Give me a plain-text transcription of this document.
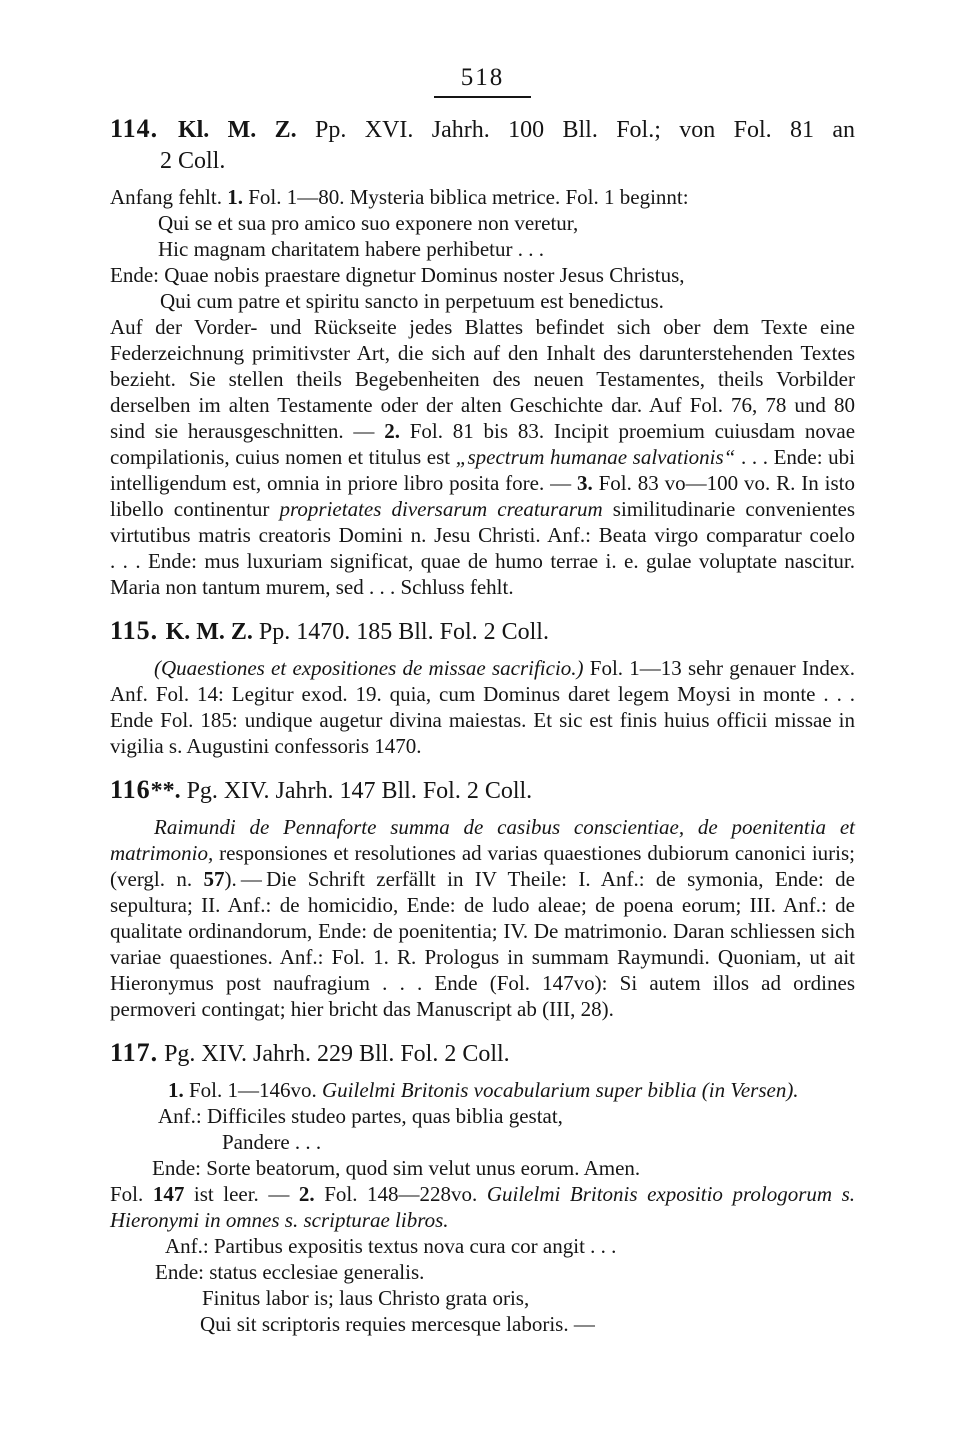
518
114. Kl. M. Z. Pp. XVI. Jahrh. 100 Bll. Fol.; von Fol. 81 an
2 Coll.
Anfang fehlt. 1. Fol. 1—80. Mysteria biblica metrice. Fol. 1 beginnt:
Qui se et sua pro amico suo exponere non veretur,
Hic magnam charitatem habere perhibetur . . .
Ende: Quae nobis praestare dignetur Dominus noster Jesus Christus,
Qui cum patre et spiritu sancto in perpetuum est benedictus.
Auf der Vorder- und Rückseite jedes Blattes befindet sich ober dem Texte eine Federzeichnung primitivster Art, die sich auf den Inhalt des darunterstehenden Textes bezieht. Sie stellen theils Begebenheiten des neuen Testamentes, theils Vorbilder derselben im alten Testamente oder der alten Geschichte dar. Auf Fol. 76, 78 und 80 sind sie herausgeschnitten. — 2. Fol. 81 bis 83. Incipit proemium cuiusdam novae compilationis, cuius nomen et titulus est „spectrum humanae salvationis“ . . . Ende: ubi intelligendum est, omnia in priore libro posita fore. — 3. Fol. 83 vo—100 vo. R. In isto libello continentur proprietates diversarum creaturarum similitudinarie convenientes virtutibus matris creatoris Domini n. Jesu Christi. Anf.: Beata virgo comparatur coelo . . . Ende: mus luxuriam significat, quae de humo terrae i. e. gulae voluptate nascitur. Maria non tantum murem, sed . . . Schluss fehlt.
115. K. M. Z. Pp. 1470. 185 Bll. Fol. 2 Coll.
(Quaestiones et expositiones de missae sacrificio.) Fol. 1—13 sehr genauer Index. Anf. Fol. 14: Legitur exod. 19. quia, cum Dominus daret legem Moysi in monte . . . Ende Fol. 185: undique augetur divina maiestas. Et sic est finis huius officii missae in vigilia s. Augustini confessoris 1470.
116**. Pg. XIV. Jahrh. 147 Bll. Fol. 2 Coll.
Raimundi de Pennaforte summa de casibus conscientiae, de poenitentia et matrimonio, responsiones et resolutiones ad varias quaestiones dubiorum canonici iuris; (vergl. n. 57). — Die Schrift zerfällt in IV Theile: I. Anf.: de symonia, Ende: de sepultura; II. Anf.: de homicidio, Ende: de ludo aleae; de poena eorum; III. Anf.: de qualitate ordinandorum, Ende: de poenitentia; IV. De matrimonio. Daran schliessen sich variae quaestiones. Anf.: Fol. 1. R. Prologus in summam Raymundi. Quoniam, ut ait Hieronymus post naufragium . . . Ende (Fol. 147vo): Si autem illos ad ordines permoveri contingat; hier bricht das Manuscript ab (III, 28).
117. Pg. XIV. Jahrh. 229 Bll. Fol. 2 Coll.
1. Fol. 1—146vo. Guilelmi Britonis vocabularium super biblia (in Versen).
Anf.: Difficiles studeo partes, quas biblia gestat,
Pandere . . .
Ende: Sorte beatorum, quod sim velut unus eorum. Amen.
Fol. 147 ist leer. — 2. Fol. 148—228vo. Guilelmi Britonis expositio prologorum s. Hieronymi in omnes s. scripturae libros.
Anf.: Partibus expositis textus nova cura cor angit . . .
Ende: status ecclesiae generalis.
Finitus labor is; laus Christo grata oris,
Qui sit scriptoris requies mercesque laboris. —
